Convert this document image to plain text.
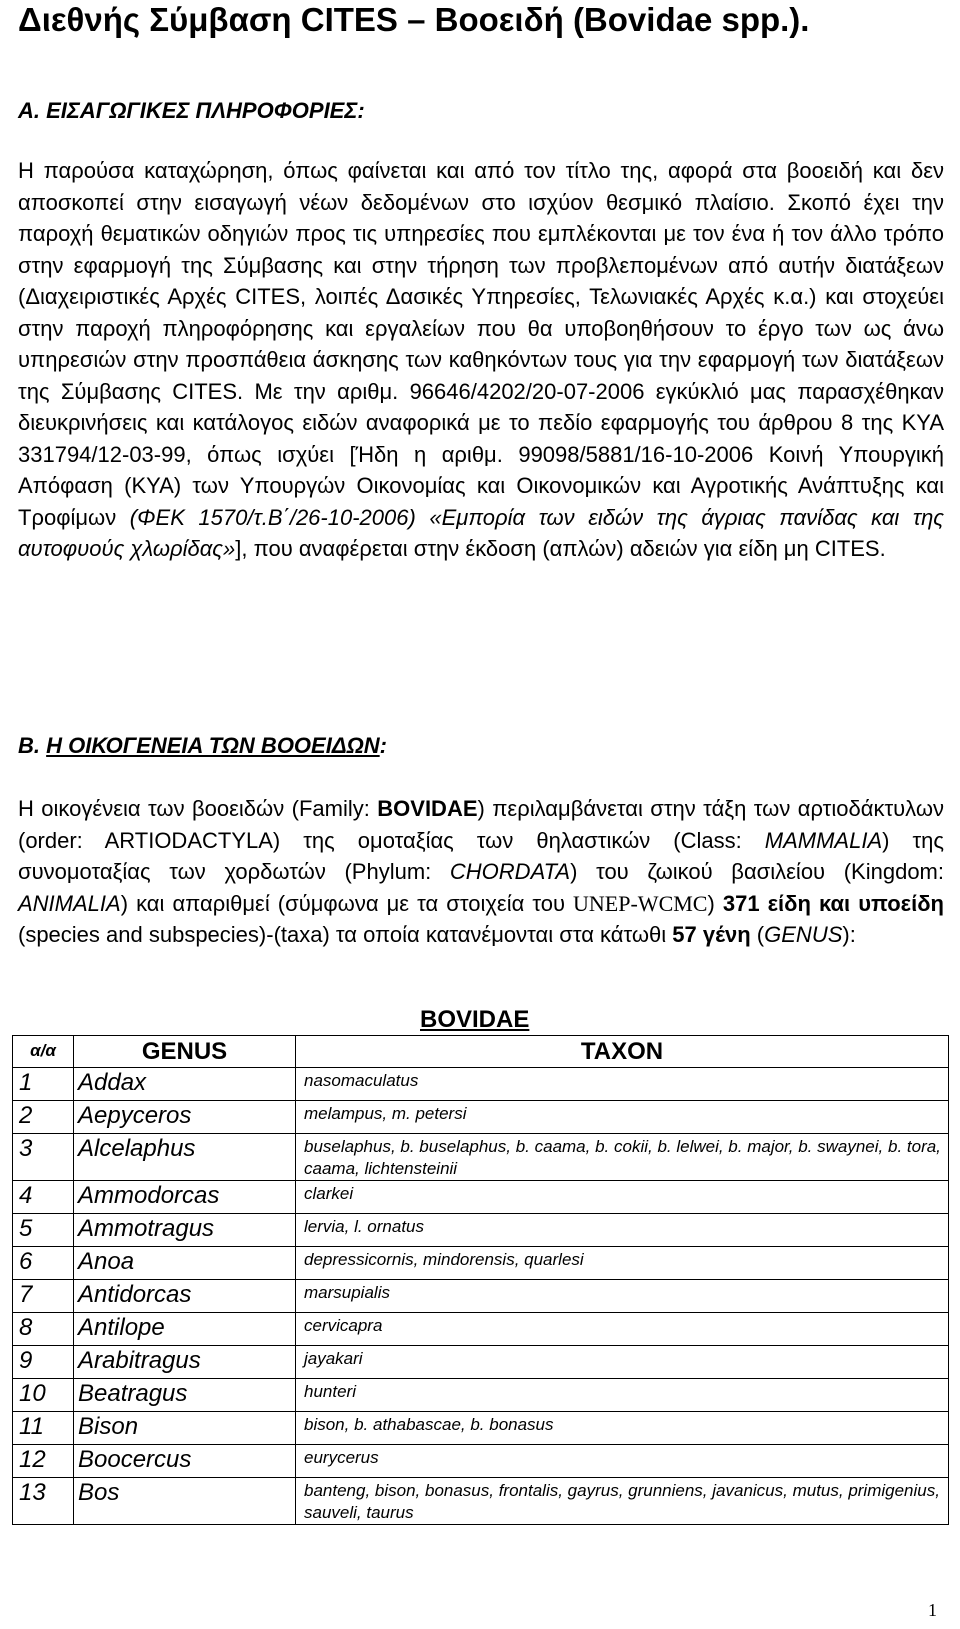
Διεθνής Σύμβαση CITES – Βοοειδή (Bovidae spp.).

Α. ΕΙΣΑΓΩΓΙΚΕΣ ΠΛΗΡΟΦΟΡΙΕΣ:

Η παρούσα καταχώρηση, όπως φαίνεται και από τον τίτλο της, αφορά στα βοοειδή και δεν αποσκοπεί στην εισαγωγή νέων δεδομένων στο ισχύον θεσμικό πλαίσιο. Σκοπό έχει την παροχή θεματικών οδηγιών προς τις υπηρεσίες που εμπλέκονται με τον ένα ή τον άλλο τρόπο στην εφαρμογή της Σύμβασης και στην τήρηση των προβλεπομένων από αυτήν διατάξεων (Διαχειριστικές Αρχές CITES, λοιπές Δασικές Υπηρεσίες, Τελωνιακές Αρχές κ.α.) και στοχεύει στην παροχή πληροφόρησης και εργαλείων που θα υποβοηθήσουν το έργο των ως άνω υπηρεσιών στην προσπάθεια άσκησης των καθηκόντων τους για την εφαρμογή των διατάξεων της Σύμβασης CITES. Με την αριθμ. 96646/4202/20-07-2006 εγκύκλιό μας παρασχέθηκαν διευκρινήσεις και κατάλογος ειδών αναφορικά με το πεδίο εφαρμογής του άρθρου 8 της ΚΥΑ 331794/12-03-99, όπως ισχύει [Ήδη η αριθμ. 99098/5881/16-10-2006 Κοινή Υπουργική Απόφαση (ΚΥΑ) των Υπουργών Οικονομίας και Οικονομικών και Αγροτικής Ανάπτυξης και Τροφίμων (ΦΕΚ 1570/τ.Β΄/26-10-2006) «Εμπορία των ειδών της άγριας πανίδας και της αυτοφυούς χλωρίδας»], που αναφέρεται στην έκδοση (απλών) αδειών για είδη μη CITES.

Β. Η ΟΙΚΟΓΕΝΕΙΑ ΤΩΝ ΒΟΟΕΙΔΩΝ:

Η οικογένεια των βοοειδών (Family: BOVIDAE) περιλαμβάνεται στην τάξη των αρτιοδάκτυλων (order: ARTIODACTYLA) της ομοταξίας των θηλαστικών (Class: MAMMALIA) της συνομοταξίας των χορδωτών (Phylum: CHORDATA) του ζωικού βασιλείου (Kingdom: ANIMALIA) και απαριθμεί (σύμφωνα με τα στοιχεία του UNEP-WCMC) 371 είδη και υποείδη (species and subspecies)-(taxa) τα οποία κατανέμονται στα κάτωθι 57 γένη (GENUS):

BOVIDAE

α/α	GENUS	TAXON
1	Addax	nasomaculatus
2	Aepyceros	melampus, m. petersi
3	Alcelaphus	buselaphus, b. buselaphus, b. caama, b. cokii, b. lelwei, b. major, b. swaynei, b. tora, caama, lichtensteinii
4	Ammodorcas	clarkei
5	Ammotragus	lervia, l. ornatus
6	Anoa	depressicornis, mindorensis, quarlesi
7	Antidorcas	marsupialis
8	Antilope	cervicapra
9	Arabitragus	jayakari
10	Beatragus	hunteri
11	Bison	bison, b. athabascae, b. bonasus
12	Boocercus	eurycerus
13	Bos	banteng, bison, bonasus, frontalis, gayrus, grunniens, javanicus, mutus, primigenius, sauveli, taurus

1
